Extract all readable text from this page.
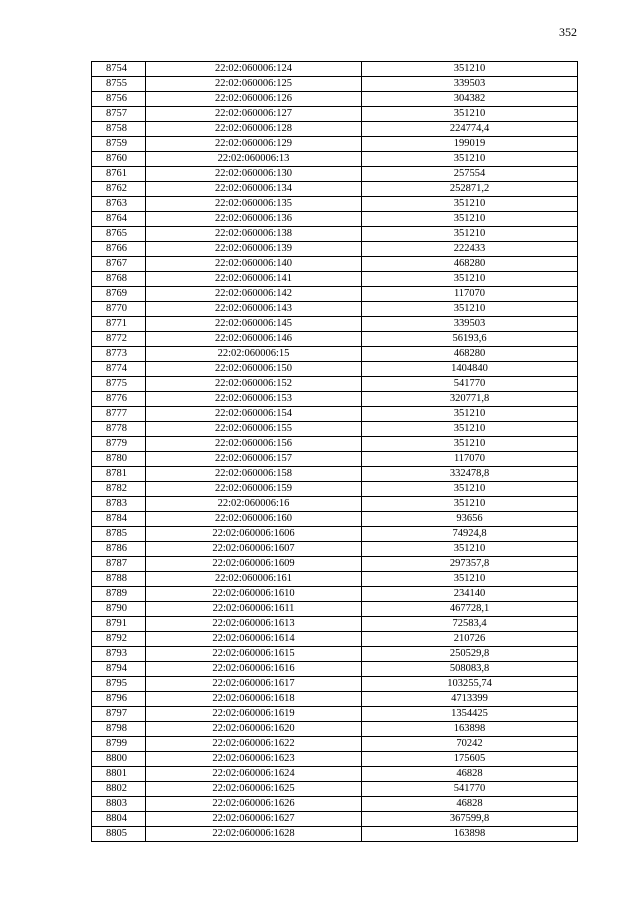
352
8754	22:02:060006:124	351210
8755	22:02:060006:125	339503
8756	22:02:060006:126	304382
8757	22:02:060006:127	351210
8758	22:02:060006:128	224774,4
8759	22:02:060006:129	199019
8760	22:02:060006:13	351210
8761	22:02:060006:130	257554
8762	22:02:060006:134	252871,2
8763	22:02:060006:135	351210
8764	22:02:060006:136	351210
8765	22:02:060006:138	351210
8766	22:02:060006:139	222433
8767	22:02:060006:140	468280
8768	22:02:060006:141	351210
8769	22:02:060006:142	117070
8770	22:02:060006:143	351210
8771	22:02:060006:145	339503
8772	22:02:060006:146	56193,6
8773	22:02:060006:15	468280
8774	22:02:060006:150	1404840
8775	22:02:060006:152	541770
8776	22:02:060006:153	320771,8
8777	22:02:060006:154	351210
8778	22:02:060006:155	351210
8779	22:02:060006:156	351210
8780	22:02:060006:157	117070
8781	22:02:060006:158	332478,8
8782	22:02:060006:159	351210
8783	22:02:060006:16	351210
8784	22:02:060006:160	93656
8785	22:02:060006:1606	74924,8
8786	22:02:060006:1607	351210
8787	22:02:060006:1609	297357,8
8788	22:02:060006:161	351210
8789	22:02:060006:1610	234140
8790	22:02:060006:1611	467728,1
8791	22:02:060006:1613	72583,4
8792	22:02:060006:1614	210726
8793	22:02:060006:1615	250529,8
8794	22:02:060006:1616	508083,8
8795	22:02:060006:1617	103255,74
8796	22:02:060006:1618	4713399
8797	22:02:060006:1619	1354425
8798	22:02:060006:1620	163898
8799	22:02:060006:1622	70242
8800	22:02:060006:1623	175605
8801	22:02:060006:1624	46828
8802	22:02:060006:1625	541770
8803	22:02:060006:1626	46828
8804	22:02:060006:1627	367599,8
8805	22:02:060006:1628	163898
